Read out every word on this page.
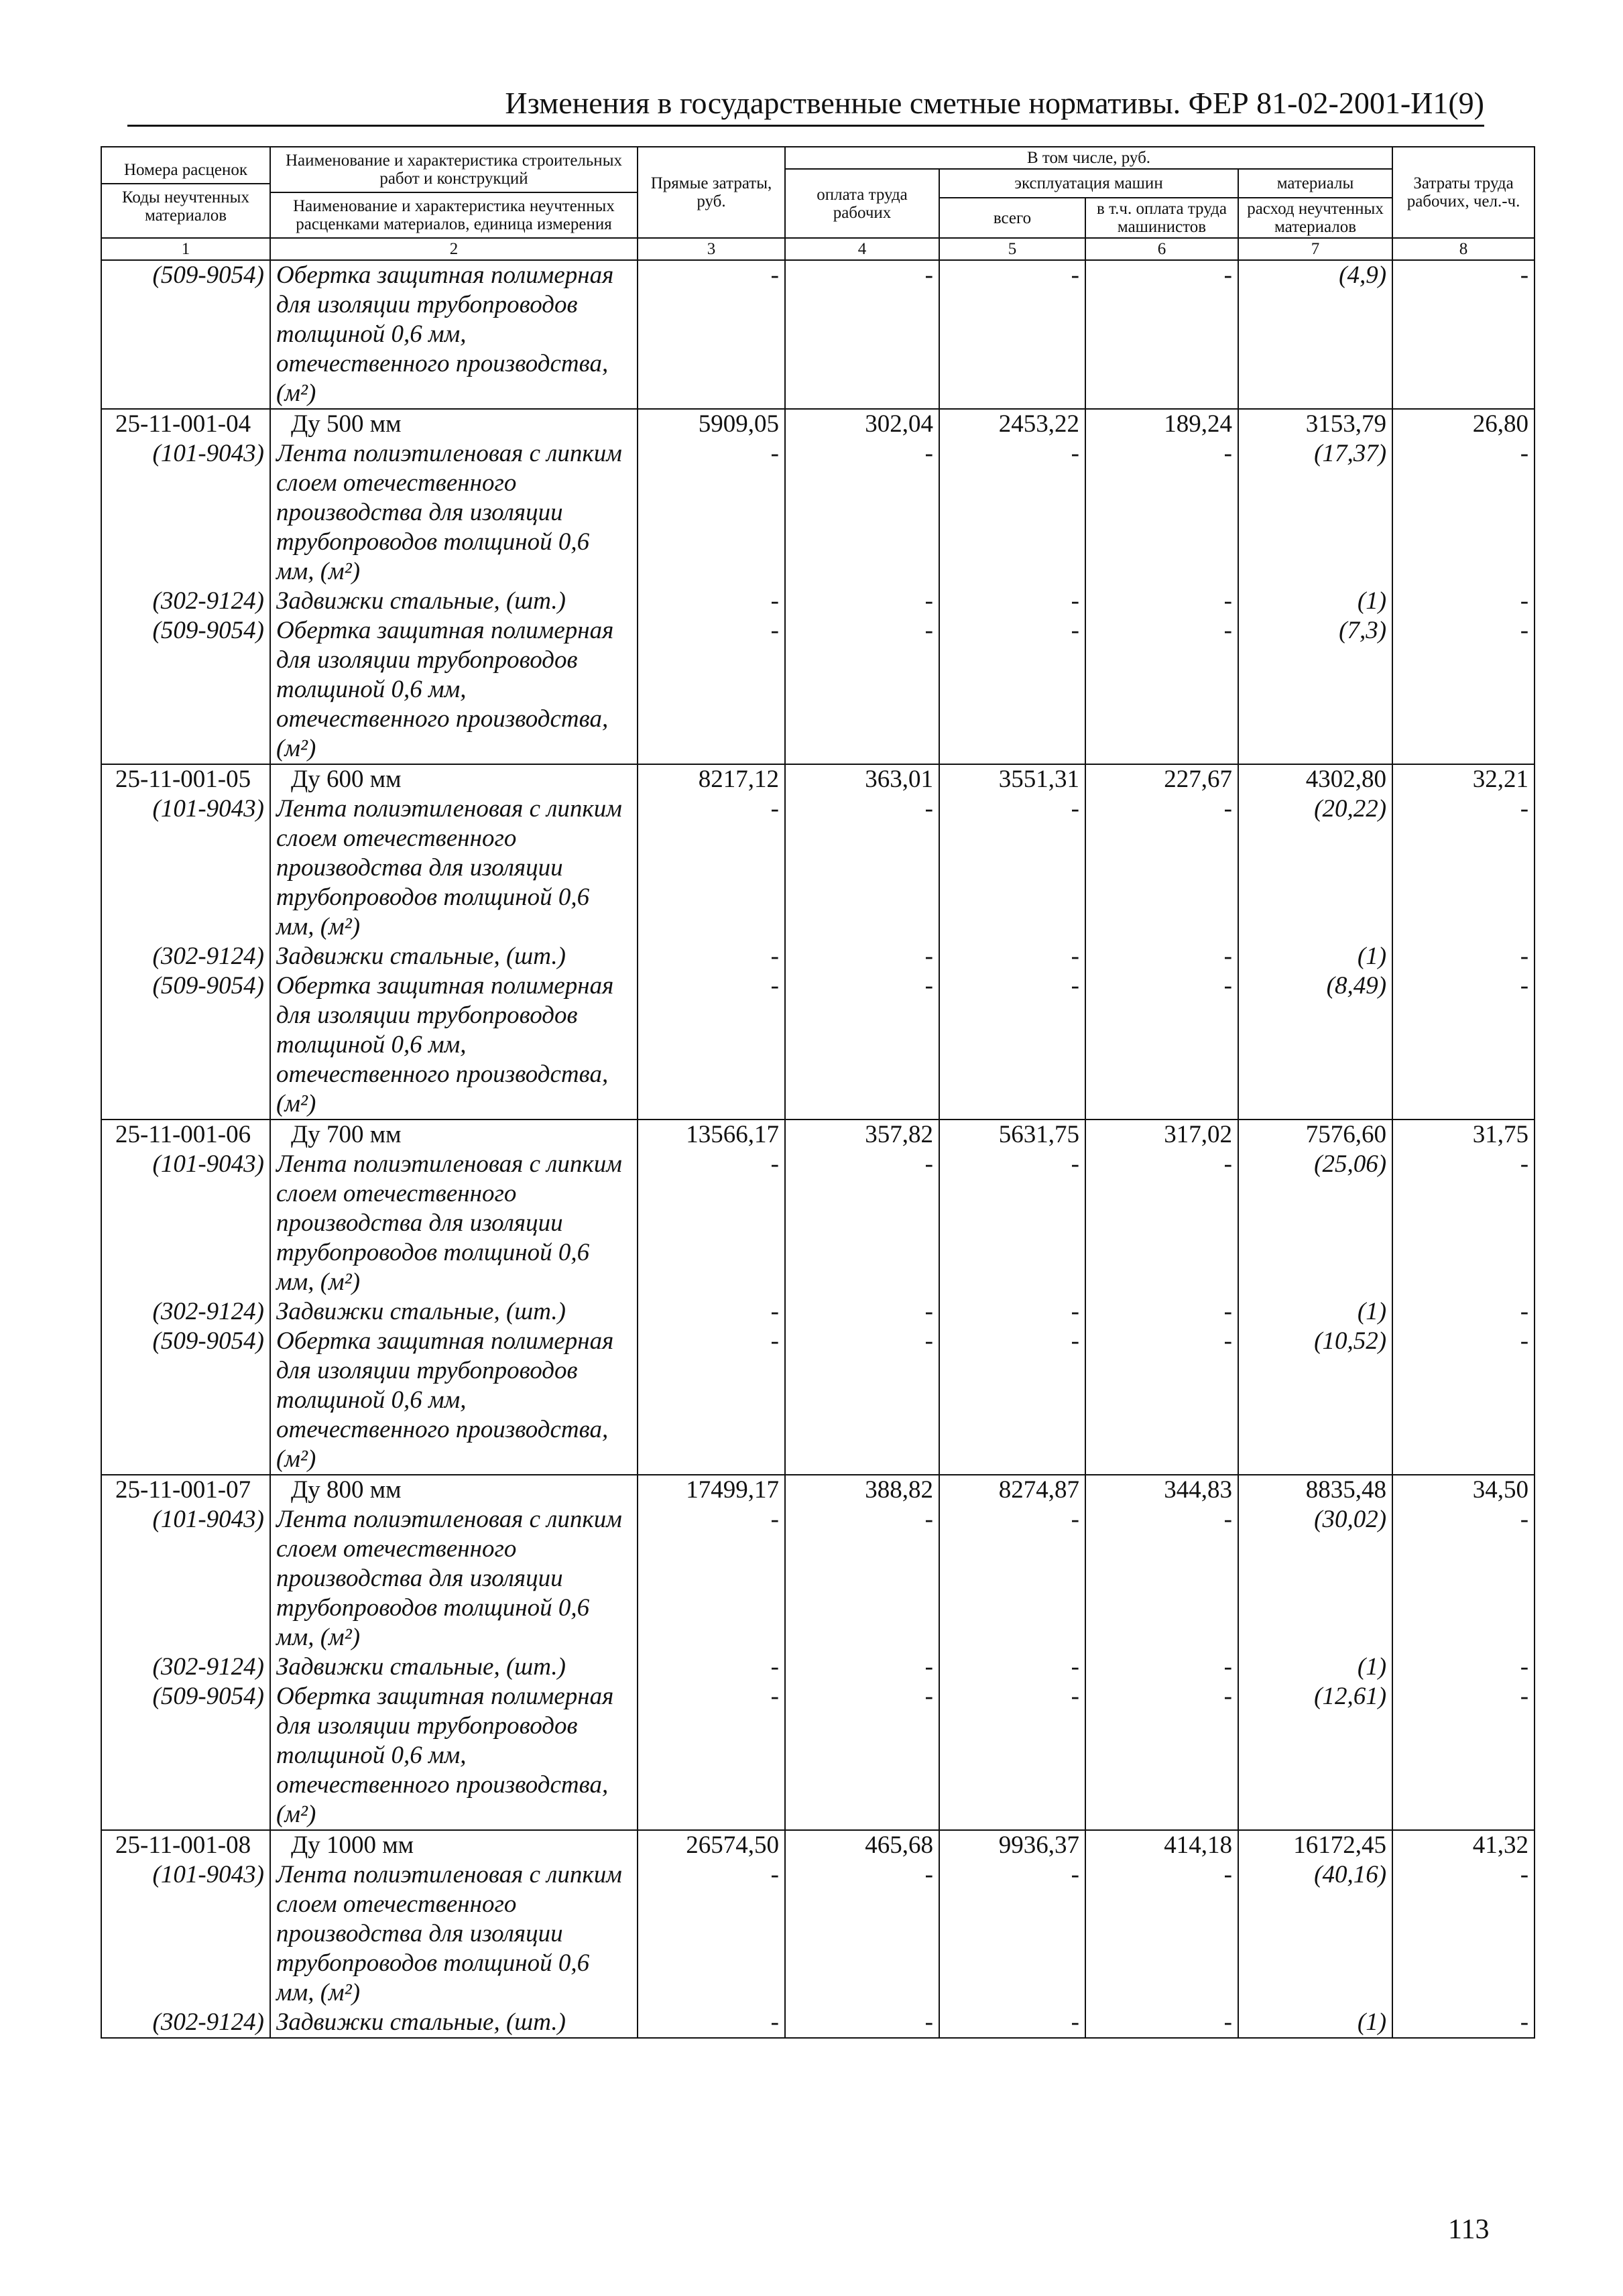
Изменения в государственные сметные нормативы. ФЕР 81-02-2001-И1(9)
Номера расценок
Коды неучтенных материалов	Наименование и характеристика строительных работ и конструкций
Наименование и характеристика неучтенных расценками материалов, единица измерения	Прямые затраты, руб.	В том числе, руб.				Затраты труда рабочих, чел.-ч.
			оплата труда рабочих	эксплуатация машин		материалы	
				всего	в т.ч. оплата труда машинистов	расход неучтенных материалов	
1	2	3	4	5	6	7	8
(509-9054)	Обертка защитная полимерная для изоляции трубопроводов толщиной 0,6 мм, отечественного производства, (м²)	-	-	-	-	(4,9)	-
25-11-001-04	Ду 500 мм	5909,05	302,04	2453,22	189,24	3153,79	26,80
(101-9043)	Лента полиэтиленовая с липким слоем отечественного производства для изоляции трубопроводов толщиной 0,6 мм, (м²)	-	-	-	-	(17,37)	-
(302-9124)	Задвижки стальные, (шт.)	-	-	-	-	(1)	-
(509-9054)	Обертка защитная полимерная для изоляции трубопроводов толщиной 0,6 мм, отечественного производства, (м²)	-	-	-	-	(7,3)	-
25-11-001-05	Ду 600 мм	8217,12	363,01	3551,31	227,67	4302,80	32,21
(101-9043)	Лента полиэтиленовая с липким слоем отечественного производства для изоляции трубопроводов толщиной 0,6 мм, (м²)	-	-	-	-	(20,22)	-
(302-9124)	Задвижки стальные, (шт.)	-	-	-	-	(1)	-
(509-9054)	Обертка защитная полимерная для изоляции трубопроводов толщиной 0,6 мм, отечественного производства, (м²)	-	-	-	-	(8,49)	-
25-11-001-06	Ду 700 мм	13566,17	357,82	5631,75	317,02	7576,60	31,75
(101-9043)	Лента полиэтиленовая с липким слоем отечественного производства для изоляции трубопроводов толщиной 0,6 мм, (м²)	-	-	-	-	(25,06)	-
(302-9124)	Задвижки стальные, (шт.)	-	-	-	-	(1)	-
(509-9054)	Обертка защитная полимерная для изоляции трубопроводов толщиной 0,6 мм, отечественного производства, (м²)	-	-	-	-	(10,52)	-
25-11-001-07	Ду 800 мм	17499,17	388,82	8274,87	344,83	8835,48	34,50
(101-9043)	Лента полиэтиленовая с липким слоем отечественного производства для изоляции трубопроводов толщиной 0,6 мм, (м²)	-	-	-	-	(30,02)	-
(302-9124)	Задвижки стальные, (шт.)	-	-	-	-	(1)	-
(509-9054)	Обертка защитная полимерная для изоляции трубопроводов толщиной 0,6 мм, отечественного производства, (м²)	-	-	-	-	(12,61)	-
25-11-001-08	Ду 1000 мм	26574,50	465,68	9936,37	414,18	16172,45	41,32
(101-9043)	Лента полиэтиленовая с липким слоем отечественного производства для изоляции трубопроводов толщиной 0,6 мм, (м²)	-	-	-	-	(40,16)	-
(302-9124)	Задвижки стальные, (шт.)	-	-	-	-	(1)	-
113
